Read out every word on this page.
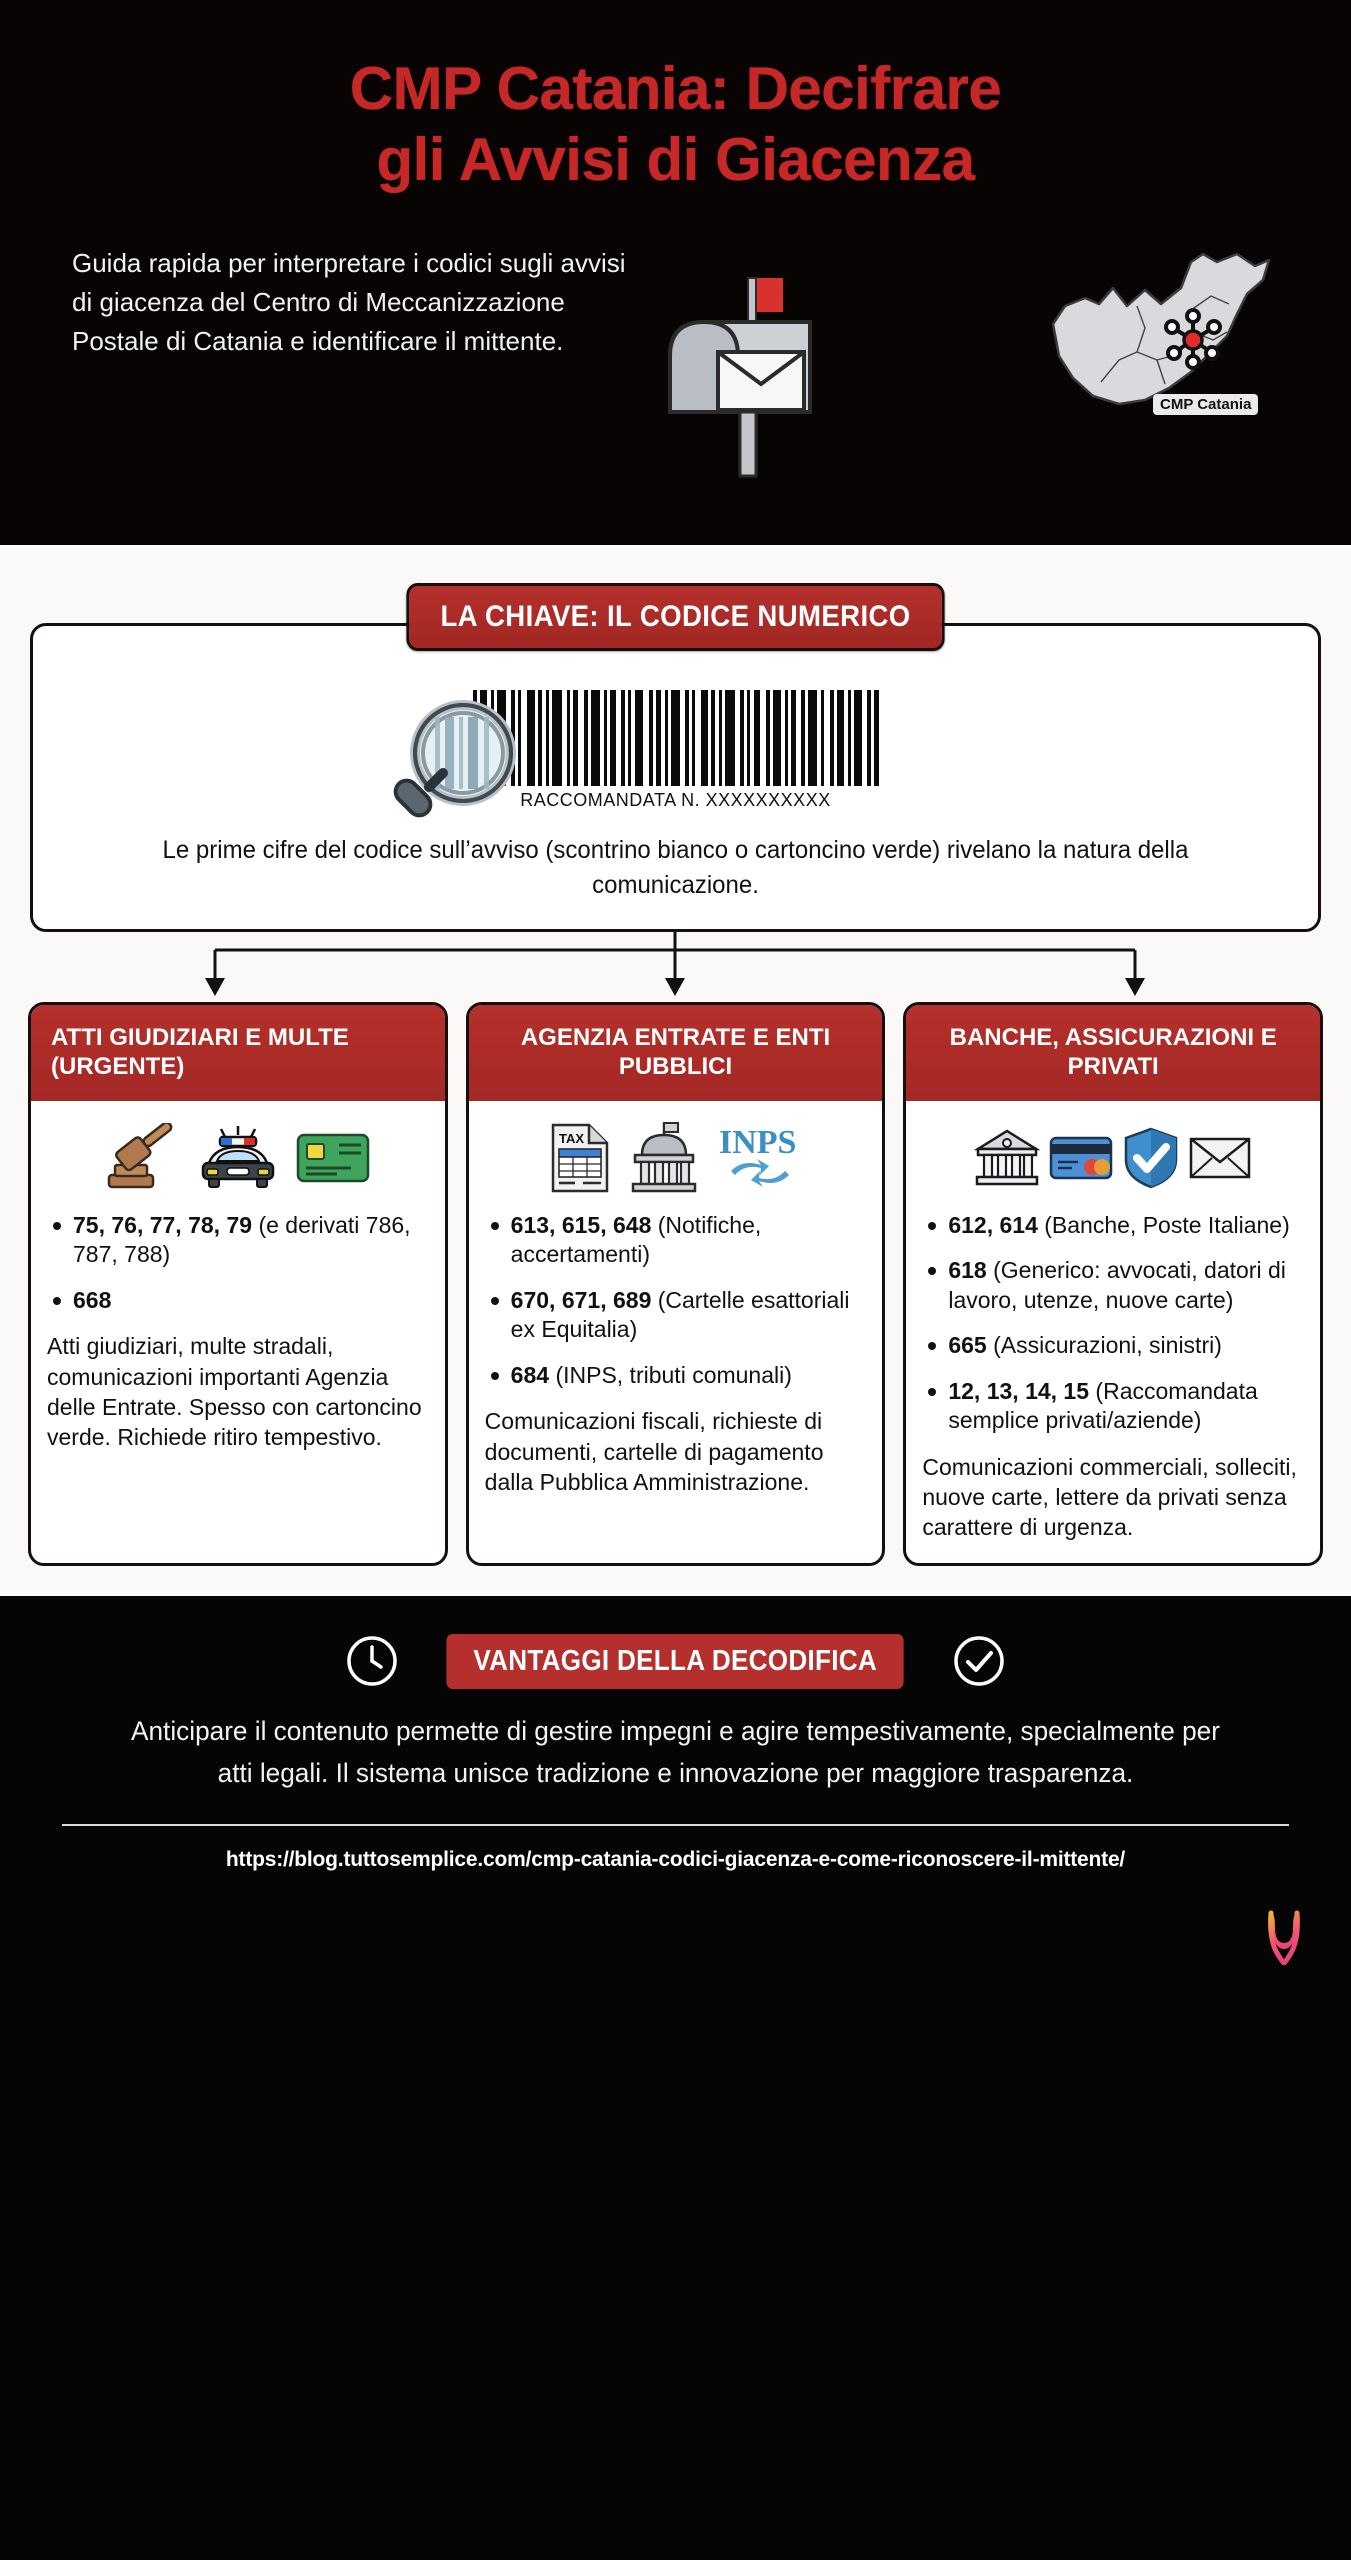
CMP Catania: Decifrare
gli Avvisi di Giacenza
Guida rapida per interpretare i codici sugli avvisi di giacenza del Centro di Meccanizzazione Postale di Catania e identificare il mittente.
CMP Catania
LA CHIAVE: IL CODICE NUMERICO
RACCOMANDATA N. XXXXXXXXXX
Le prime cifre del codice sull’avviso (scontrino bianco o cartoncino verde) rivelano la natura della comunicazione.
ATTI GIUDIZIARI E MULTE (URGENTE)
75, 76, 77, 78, 79 (e derivati 786, 787, 788)
668
Atti giudiziari, multe stradali, comunicazioni importanti Agenzia delle Entrate. Spesso con cartoncino verde. Richiede ritiro tempestivo.
AGENZIA ENTRATE E ENTI PUBBLICI
TAX	INPS
613, 615, 648 (Notifiche, accertamenti)
670, 671, 689 (Cartelle esattoriali ex Equitalia)
684 (INPS, tributi comunali)
Comunicazioni fiscali, richieste di documenti, cartelle di pagamento dalla Pubblica Amministrazione.
BANCHE, ASSICURAZIONI E PRIVATI
612, 614 (Banche, Poste Italiane)
618 (Generico: avvocati, datori di lavoro, utenze, nuove carte)
665 (Assicurazioni, sinistri)
12, 13, 14, 15 (Raccomandata semplice privati/aziende)
Comunicazioni commerciali, solleciti, nuove carte, lettere da privati senza carattere di urgenza.
VANTAGGI DELLA DECODIFICA
Anticipare il contenuto permette di gestire impegni e agire tempestivamente, specialmente per atti legali. Il sistema unisce tradizione e innovazione per maggiore trasparenza.
https://blog.tuttosemplice.com/cmp-catania-codici-giacenza-e-come-riconoscere-il-mittente/
